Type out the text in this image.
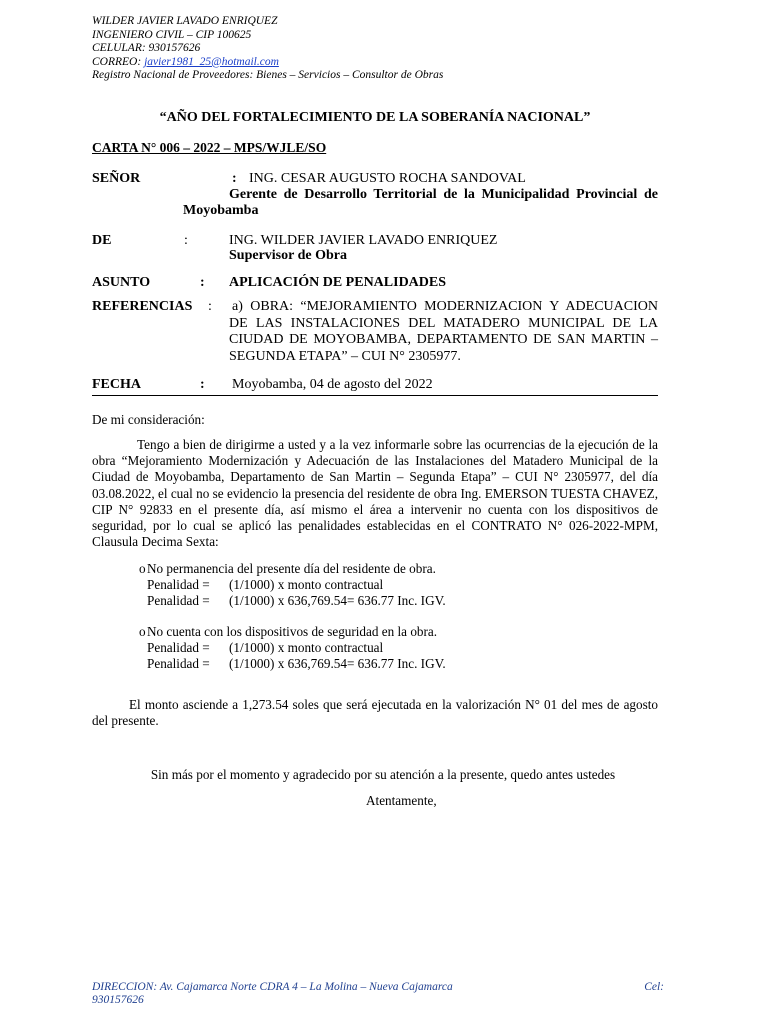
WILDER JAVIER LAVADO ENRIQUEZ
INGENIERO CIVIL – CIP 100625
CELULAR: 930157626
CORREO: javier1981_25@hotmail.com
Registro Nacional de Proveedores: Bienes – Servicios – Consultor de Obras
“AÑO DEL FORTALECIMIENTO DE LA SOBERANÍA NACIONAL”
CARTA N° 006 – 2022 – MPS/WJLE/SO
SEÑOR	: ING. CESAR AUGUSTO ROCHA SANDOVAL
Gerente de Desarrollo Territorial de la Municipalidad Provincial de
Moyobamba
DE	:	ING. WILDER JAVIER LAVADO ENRIQUEZ
Supervisor de Obra
ASUNTO	: APLICACIÓN DE PENALIDADES
REFERENCIAS : a) OBRA: “MEJORAMIENTO MODERNIZACION Y ADECUACION DE LAS INSTALACIONES DEL MATADERO MUNICIPAL DE LA CIUDAD DE MOYOBAMBA, DEPARTAMENTO DE SAN MARTIN – SEGUNDA ETAPA” – CUI N° 2305977.
FECHA	: Moyobamba, 04 de agosto del 2022
De mi consideración:
Tengo a bien de dirigirme a usted y a la vez informarle sobre las ocurrencias de la ejecución de la obra “Mejoramiento Modernización y Adecuación de las Instalaciones del Matadero Municipal de la Ciudad de Moyobamba, Departamento de San Martin – Segunda Etapa” – CUI N° 2305977, del día 03.08.2022, el cual no se evidencio la presencia del residente de obra Ing. EMERSON TUESTA CHAVEZ, CIP N° 92833 en el presente día, así mismo el área a intervenir no cuenta con los dispositivos de seguridad, por lo cual se aplicó las penalidades establecidas en el CONTRATO N° 026-2022-MPM, Clausula Decima Sexta:
o No permanencia del presente día del residente de obra.
Penalidad = (1/1000) x monto contractual
Penalidad = (1/1000) x 636,769.54= 636.77 Inc. IGV.
o No cuenta con los dispositivos de seguridad en la obra.
Penalidad = (1/1000) x monto contractual
Penalidad = (1/1000) x 636,769.54= 636.77 Inc. IGV.
El monto asciende a 1,273.54 soles que será ejecutada en la valorización N° 01 del mes de agosto del presente.
Sin más por el momento y agradecido por su atención a la presente, quedo antes ustedes
Atentamente,
DIRECCION: Av. Cajamarca Norte CDRA 4 – La Molina – Nueva Cajamarca	Cel:
930157626
